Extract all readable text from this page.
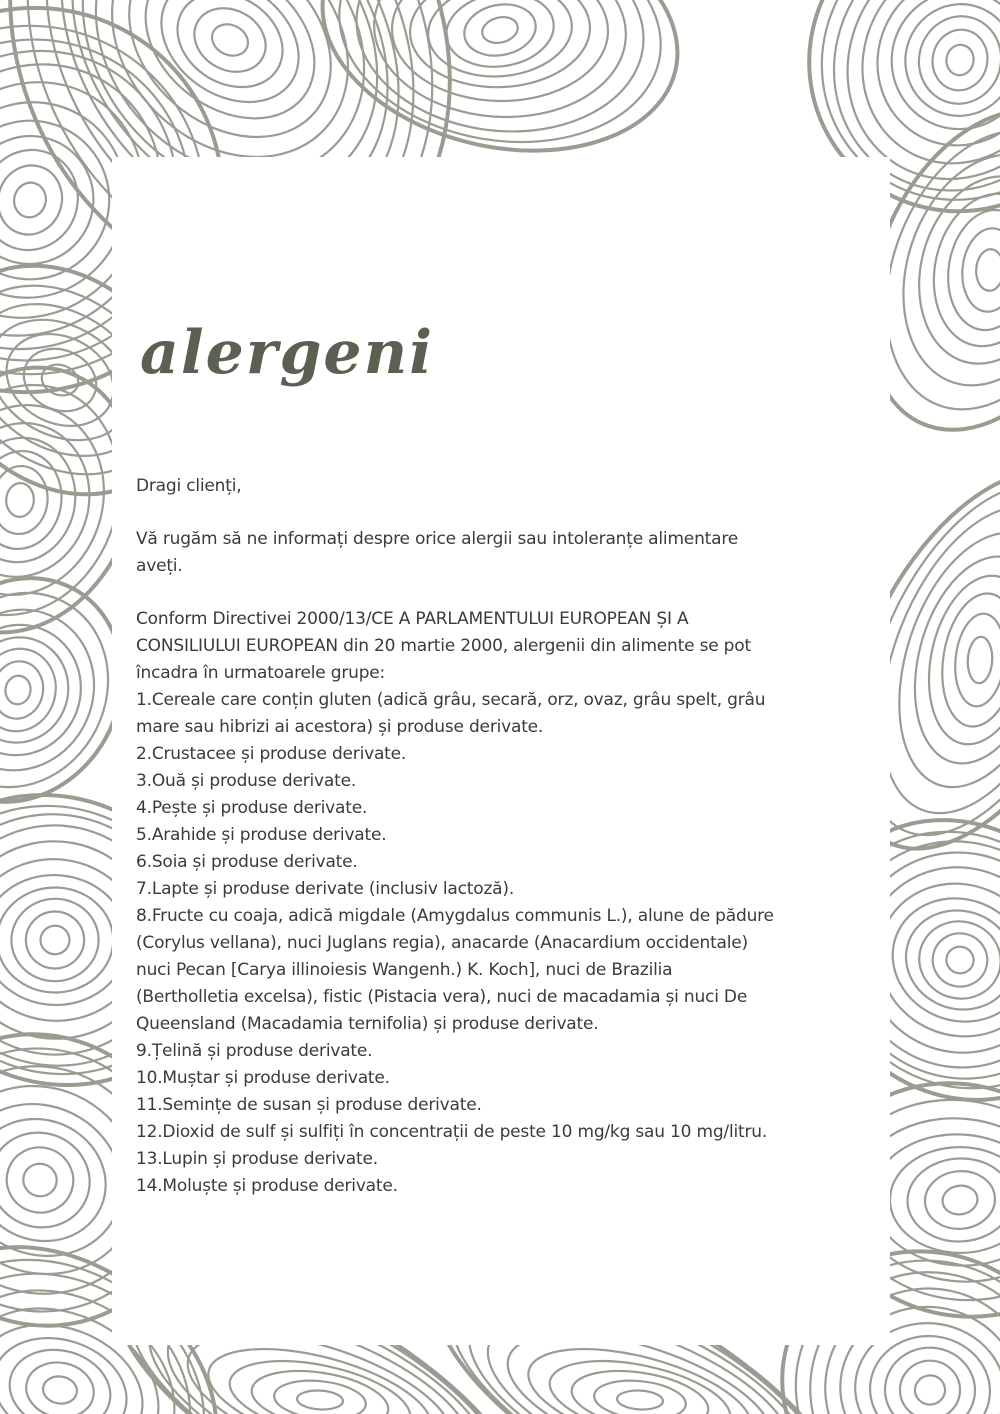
alergeni

Dragi clienți,

Vă rugăm să ne informați despre orice alergii sau intoleranțe alimentare aveți.

Conform Directivei 2000/13/CE A PARLAMENTULUI EUROPEAN ȘI A CONSILIULUI EUROPEAN din 20 martie 2000, alergenii din alimente se pot încadra în urmatoarele grupe:

1.Cereale care conțin gluten (adică grâu, secară, orz, ovaz, grâu spelt, grâu mare sau hibrizi ai acestora) și produse derivate.
2.Crustacee și produse derivate.
3.Ouă și produse derivate.
4.Pește și produse derivate.
5.Arahide și produse derivate.
6.Soia și produse derivate.
7.Lapte și produse derivate (inclusiv lactoză).
8.Fructe cu coaja, adică migdale (Amygdalus communis L.), alune de pădure (Corylus vellana), nuci Juglans regia), anacarde (Anacardium occidentale) nuci Pecan [Carya illinoiesis Wangenh.) K. Koch], nuci de Brazilia (Bertholletia excelsa), fistic (Pistacia vera), nuci de macadamia și nuci De Queensland (Macadamia ternifolia) și produse derivate.
9.Țelină și produse derivate.
10.Muștar și produse derivate.
11.Semințe de susan și produse derivate.
12.Dioxid de sulf și sulfiți în concentrații de peste 10 mg/kg sau 10 mg/litru.
13.Lupin și produse derivate.
14.Moluște și produse derivate.
